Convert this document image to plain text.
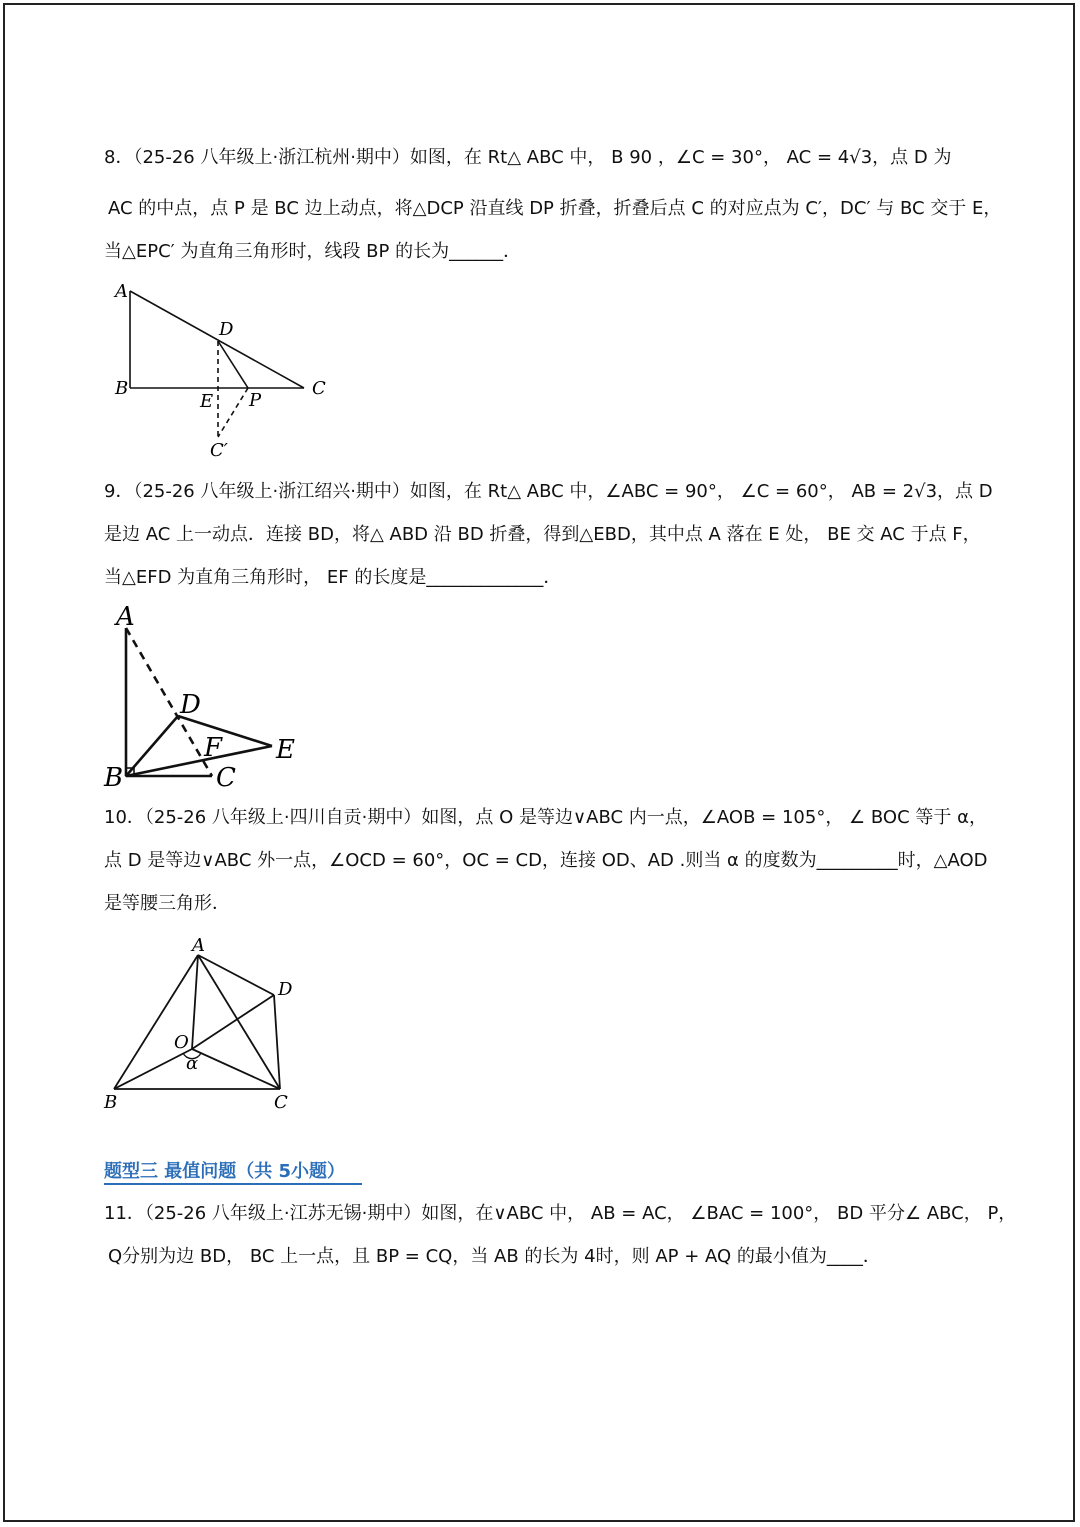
8．（25-26 八年级上·浙江杭州·期中）如图，在 Rt△ ABC 中， B 90 ，∠C = 30°， AC = 4√3，点 D 为
AC 的中点，点 P 是 BC 边上动点，将△DCP 沿直线 DP 折叠，折叠后点 C 的对应点为 C′，DC′ 与 BC 交于 E，
当△EPC′ 为直角三角形时，线段 BP 的长为______．
A
B	C
D
E P
C′
9．（25-26 八年级上·浙江绍兴·期中）如图，在 Rt△ ABC 中，∠ABC = 90°， ∠C = 60°， AB = 2√3，点 D
是边 AC 上一动点．连接 BD，将△ ABD 沿 BD 折叠，得到△EBD，其中点 A 落在 E 处， BE 交 AC 于点 F，
当△EFD 为直角三角形时， EF 的长度是_____________．
A
B	C
D
E
F
10．（25-26 八年级上·四川自贡·期中）如图，点 O 是等边∨ABC 内一点，∠AOB = 105°， ∠ BOC 等于 α，
点 D 是等边∨ABC 外一点，∠OCD = 60°，OC = CD，连接 OD、AD .则当 α 的度数为_________时，△AOD
是等腰三角形．
A
B	C
D
O
α
题型三 最值问题（共 5小题）
11．（25-26 八年级上·江苏无锡·期中）如图，在∨ABC 中， AB = AC， ∠BAC = 100°， BD 平分∠ ABC， P，
Q分别为边 BD， BC 上一点，且 BP = CQ，当 AB 的长为 4时，则 AP + AQ 的最小值为____．
